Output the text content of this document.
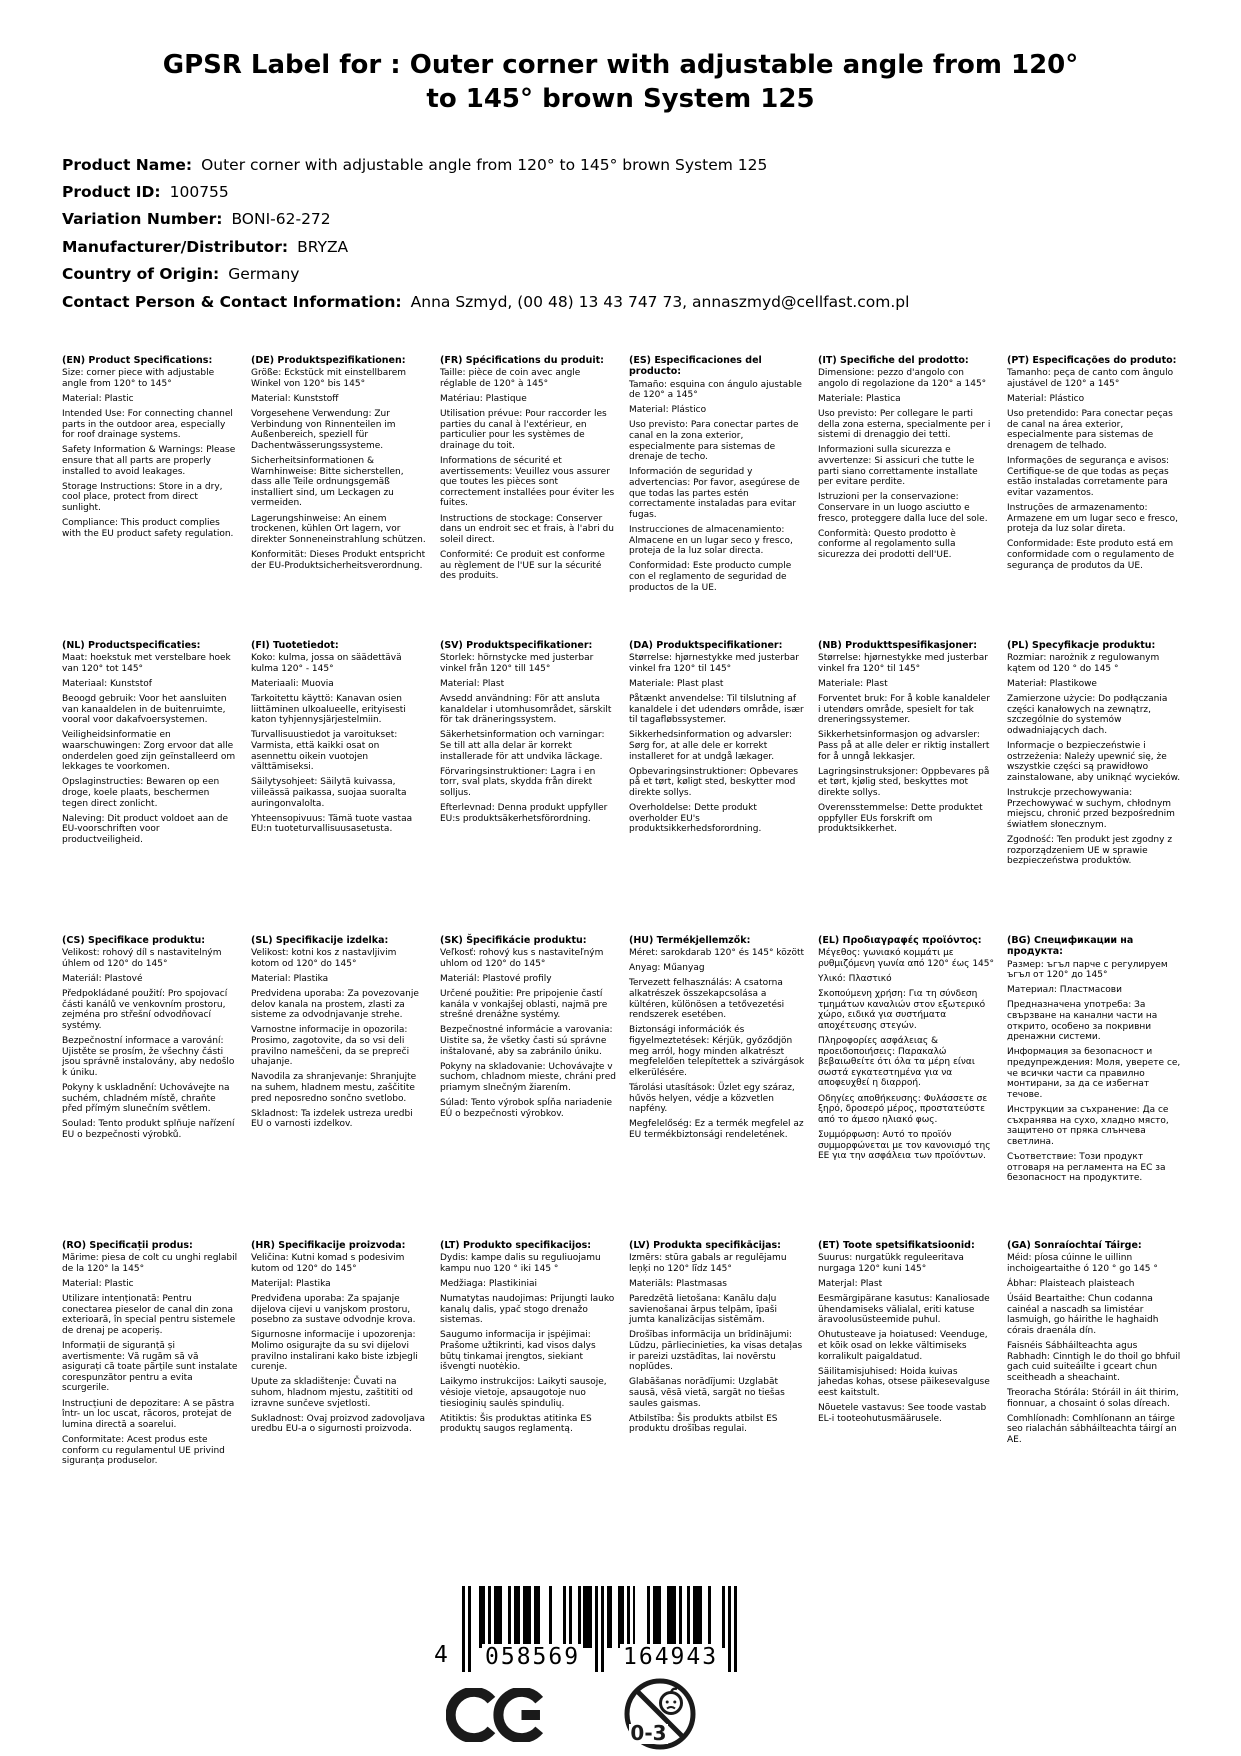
GPSR Label for : Outer corner with adjustable angle from 120° to 145° brown System 125
Product Name: Outer corner with adjustable angle from 120° to 145° brown System 125
Product ID: 100755
Variation Number: BONI-62-272
Manufacturer/Distributor: BRYZA
Country of Origin: Germany
Contact Person & Contact Information: Anna Szmyd, (00 48) 13 43 747 73, annaszmyd@cellfast.com.pl
(EN) Product Specifications:

Size: corner piece with adjustable angle from 120° to 145°

Material: Plastic

Intended Use: For connecting channel parts in the outdoor area, especially for roof drainage systems.

Safety Information & Warnings: Please ensure that all parts are properly installed to avoid leakages.

Storage Instructions: Store in a dry, cool place, protect from direct sunlight.

Compliance: This product complies with the EU product safety regulation.

(DE) Produktspezifikationen:

Größe: Eckstück mit einstellbarem Winkel von 120° bis 145°

Material: Kunststoff

Vorgesehene Verwendung: Zur Verbindung von Rinnenteilen im Außenbereich, speziell für Dachentwässerungssysteme.

Sicherheitsinformationen & Warnhinweise: Bitte sicherstellen, dass alle Teile ordnungsgemäß installiert sind, um Leckagen zu vermeiden.

Lagerungshinweise: An einem trockenen, kühlen Ort lagern, vor direkter Sonneneinstrahlung schützen.

Konformität: Dieses Produkt entspricht der EU-Produktsicherheitsverordnung.

(FR) Spécifications du produit:

Taille: pièce de coin avec angle réglable de 120° à 145°

Matériau: Plastique

Utilisation prévue: Pour raccorder les parties du canal à l'extérieur, en particulier pour les systèmes de drainage du toit.

Informations de sécurité et avertissements: Veuillez vous assurer que toutes les pièces sont correctement installées pour éviter les fuites.

Instructions de stockage: Conserver dans un endroit sec et frais, à l'abri du soleil direct.

Conformité: Ce produit est conforme au règlement de l'UE sur la sécurité des produits.

(ES) Especificaciones del producto:

Tamaño: esquina con ángulo ajustable de 120° a 145°

Material: Plástico

Uso previsto: Para conectar partes de canal en la zona exterior, especialmente para sistemas de drenaje de techo.

Información de seguridad y advertencias: Por favor, asegúrese de que todas las partes estén correctamente instaladas para evitar fugas.

Instrucciones de almacenamiento: Almacene en un lugar seco y fresco, proteja de la luz solar directa.

Conformidad: Este producto cumple con el reglamento de seguridad de productos de la UE.

(IT) Specifiche del prodotto:

Dimensione: pezzo d'angolo con angolo di regolazione da 120° a 145°

Materiale: Plastica

Uso previsto: Per collegare le parti della zona esterna, specialmente per i sistemi di drenaggio dei tetti.

Informazioni sulla sicurezza e avvertenze: Si assicuri che tutte le parti siano correttamente installate per evitare perdite.

Istruzioni per la conservazione: Conservare in un luogo asciutto e fresco, proteggere dalla luce del sole.

Conformità: Questo prodotto è conforme al regolamento sulla sicurezza dei prodotti dell'UE.

(PT) Especificações do produto:

Tamanho: peça de canto com ângulo ajustável de 120° a 145°

Material: Plástico

Uso pretendido: Para conectar peças de canal na área exterior, especialmente para sistemas de drenagem de telhado.

Informações de segurança e avisos: Certifique-se de que todas as peças estão instaladas corretamente para evitar vazamentos.

Instruções de armazenamento: Armazene em um lugar seco e fresco, proteja da luz solar direta.

Conformidade: Este produto está em conformidade com o regulamento de segurança de produtos da UE.

(NL) Productspecificaties:

Maat: hoekstuk met verstelbare hoek van 120° tot 145°

Materiaal: Kunststof

Beoogd gebruik: Voor het aansluiten van kanaaldelen in de buitenruimte, vooral voor dakafvoersystemen.

Veiligheidsinformatie en waarschuwingen: Zorg ervoor dat alle onderdelen goed zijn geïnstalleerd om lekkages te voorkomen.

Opslaginstructies: Bewaren op een droge, koele plaats, beschermen tegen direct zonlicht.

Naleving: Dit product voldoet aan de EU-voorschriften voor productveiligheid.

(FI) Tuotetiedot:

Koko: kulma, jossa on säädettävä kulma 120° - 145°

Materiaali: Muovia

Tarkoitettu käyttö: Kanavan osien liittäminen ulkoalueelle, erityisesti katon tyhjennysjärjestelmiin.

Turvallisuustiedot ja varoitukset: Varmista, että kaikki osat on asennettu oikein vuotojen välttämiseksi.

Säilytysohjeet: Säilytä kuivassa, viileässä paikassa, suojaa suoralta auringonvalolta.

Yhteensopivuus: Tämä tuote vastaa EU:n tuoteturvallisuusasetusta.

(SV) Produktspecifikationer:

Storlek: hörnstycke med justerbar vinkel från 120° till 145°

Material: Plast

Avsedd användning: För att ansluta kanaldelar i utomhusområdet, särskilt för tak dräneringssystem.

Säkerhetsinformation och varningar: Se till att alla delar är korrekt installerade för att undvika läckage.

Förvaringsinstruktioner: Lagra i en torr, sval plats, skydda från direkt solljus.

Efterlevnad: Denna produkt uppfyller EU:s produktsäkerhetsförordning.

(DA) Produktspecifikationer:

Størrelse: hjørnestykke med justerbar vinkel fra 120° til 145°

Materiale: Plast plast

Påtænkt anvendelse: Til tilslutning af kanaldele i det udendørs område, især til tagafløbssystemer.

Sikkerhedsinformation og advarsler: Sørg for, at alle dele er korrekt installeret for at undgå lækager.

Opbevaringsinstruktioner: Opbevares på et tørt, køligt sted, beskytter mod direkte sollys.

Overholdelse: Dette produkt overholder EU's produktsikkerhedsforordning.

(NB) Produkttspesifikasjoner:

Størrelse: hjørnestykke med justerbar vinkel fra 120° til 145°

Materiale: Plast

Forventet bruk: For å koble kanaldeler i utendørs område, spesielt for tak dreneringssystemer.

Sikkerhetsinformasjon og advarsler: Pass på at alle deler er riktig installert for å unngå lekkasjer.

Lagringsinstruksjoner: Oppbevares på et tørt, kjølig sted, beskyttes mot direkte sollys.

Overensstemmelse: Dette produktet oppfyller EUs forskrift om produktsikkerhet.

(PL) Specyfikacje produktu:

Rozmiar: narożnik z regulowanym kątem od 120 ° do 145 °

Materiał: Plastikowe

Zamierzone użycie: Do podłączania części kanałowych na zewnątrz, szczególnie do systemów odwadniających dach.

Informacje o bezpieczeństwie i ostrzeżenia: Należy upewnić się, że wszystkie części są prawidłowo zainstalowane, aby uniknąć wycieków.

Instrukcje przechowywania: Przechowywać w suchym, chłodnym miejscu, chronić przed bezpośrednim światłem słonecznym.

Zgodność: Ten produkt jest zgodny z rozporządzeniem UE w sprawie bezpieczeństwa produktów.

(CS) Specifikace produktu:

Velikost: rohový díl s nastavitelným úhlem od 120° do 145°

Materiál: Plastové

Předpokládané použití: Pro spojovací části kanálů ve venkovním prostoru, zejména pro střešní odvodňovací systémy.

Bezpečnostní informace a varování: Ujistěte se prosím, že všechny části jsou správně instalovány, aby nedošlo k úniku.

Pokyny k uskladnění: Uchovávejte na suchém, chladném místě, chraňte před přímým slunečním světlem.

Soulad: Tento produkt splňuje nařízení EU o bezpečnosti výrobků.

(SL) Specifikacije izdelka:

Velikost: kotni kos z nastavljivim kotom od 120° do 145°

Material: Plastika

Predvidena uporaba: Za povezovanje delov kanala na prostem, zlasti za sisteme za odvodnjavanje strehe.

Varnostne informacije in opozorila: Prosimo, zagotovite, da so vsi deli pravilno nameščeni, da se prepreči uhajanje.

Navodila za shranjevanje: Shranjujte na suhem, hladnem mestu, zaščitite pred neposredno sončno svetlobo.

Skladnost: Ta izdelek ustreza uredbi EU o varnosti izdelkov.

(SK) Špecifikácie produktu:

Veľkosť: rohový kus s nastaviteľným uhlom od 120° do 145°

Materiál: Plastové profily

Určené použitie: Pre pripojenie častí kanála v vonkajšej oblasti, najmä pre strešné drenážne systémy.

Bezpečnostné informácie a varovania: Uistite sa, že všetky časti sú správne inštalované, aby sa zabránilo úniku.

Pokyny na skladovanie: Uchovávajte v suchom, chladnom mieste, chráni pred priamym slnečným žiarením.

Súlad: Tento výrobok spĺňa nariadenie EÚ o bezpečnosti výrobkov.

(HU) Termékjellemzők:

Méret: sarokdarab 120° és 145° között

Anyag: Műanyag

Tervezett felhasználás: A csatorna alkatrészek összekapcsolása a kültéren, különösen a tetővezetési rendszerek esetében.

Biztonsági információk és figyelmeztetések: Kérjük, győződjön meg arról, hogy minden alkatrészt megfelelően telepítettek a szivárgások elkerülésére.

Tárolási utasítások: Üzlet egy száraz, hűvös helyen, védje a közvetlen napfény.

Megfelelőség: Ez a termék megfelel az EU termékbiztonsági rendeletének.

(EL) Προδιαγραφές προϊόντος:

Μέγεθος: γωνιακό κομμάτι με ρυθμιζόμενη γωνία από 120° έως 145°

Υλικό: Πλαστικό

Σκοπούμενη χρήση: Για τη σύνδεση τμημάτων καναλιών στον εξωτερικό χώρο, ειδικά για συστήματα αποχέτευσης στεγών.

Πληροφορίες ασφάλειας & προειδοποιήσεις: Παρακαλώ βεβαιωθείτε ότι όλα τα μέρη είναι σωστά εγκατεστημένα για να αποφευχθεί η διαρροή.

Οδηγίες αποθήκευσης: Φυλάσσετε σε ξηρό, δροσερό μέρος, προστατεύστε από το άμεσο ηλιακό φως.

Συμμόρφωση: Αυτό το προϊόν συμμορφώνεται με τον κανονισμό της ΕΕ για την ασφάλεια των προϊόντων.

(BG) Спецификации на продукта:

Размер: ъгъл парче с регулируем ъгъл от 120° до 145°

Материал: Пластмасови

Предназначена употреба: За свързване на канални части на открито, особено за покривни дренажни системи.

Информация за безопасност и предупреждения: Моля, уверете се, че всички части са правилно монтирани, за да се избегнат течове.

Инструкции за съхранение: Да се съхранява на сухо, хладно място, защитено от пряка слънчева светлина.

Съответствие: Този продукт отговаря на регламента на ЕС за безопасност на продуктите.

(RO) Specificații produs:

Mărime: piesa de colt cu unghi reglabil de la 120° la 145°

Material: Plastic

Utilizare intenționată: Pentru conectarea pieselor de canal din zona exterioară, în special pentru sistemele de drenaj pe acoperiș.

Informații de siguranță și avertismente: Vă rugăm să vă asigurați că toate părțile sunt instalate corespunzător pentru a evita scurgerile.

Instrucțiuni de depozitare: A se păstra într- un loc uscat, răcoros, protejat de lumina directă a soarelui.

Conformitate: Acest produs este conform cu regulamentul UE privind siguranța produselor.

(HR) Specifikacije proizvoda:

Veličina: Kutni komad s podesivim kutom od 120° do 145°

Materijal: Plastika

Predviđena uporaba: Za spajanje dijelova cijevi u vanjskom prostoru, posebno za sustave odvodnje krova.

Sigurnosne informacije i upozorenja: Molimo osigurajte da su svi dijelovi pravilno instalirani kako biste izbjegli curenje.

Upute za skladištenje: Čuvati na suhom, hladnom mjestu, zaštititi od izravne sunčeve svjetlosti.

Sukladnost: Ovaj proizvod zadovoljava uredbu EU-a o sigurnosti proizvoda.

(LT) Produkto specifikacijos:

Dydis: kampe dalis su reguliuojamu kampu nuo 120 ° iki 145 °

Medžiaga: Plastikiniai

Numatytas naudojimas: Prijungti lauko kanalų dalis, ypač stogo drenažo sistemas.

Saugumo informacija ir įspėjimai: Prašome užtikrinti, kad visos dalys būtų tinkamai įrengtos, siekiant išvengti nuotėkio.

Laikymo instrukcijos: Laikyti sausoje, vėsioje vietoje, apsaugotoje nuo tiesioginių saulės spindulių.

Atitiktis: Šis produktas atitinka ES produktų saugos reglamentą.

(LV) Produkta specifikācijas:

Izmērs: stūra gabals ar regulējamu leņķi no 120° līdz 145°

Materiāls: Plastmasas

Paredzētā lietošana: Kanālu daļu savienošanai ārpus telpām, īpaši jumta kanalizācijas sistēmām.

Drošības informācija un brīdinājumi: Lūdzu, pārliecinieties, ka visas detaļas ir pareizi uzstādītas, lai novērstu noplūdes.

Glabāšanas norādījumi: Uzglabāt sausā, vēsā vietā, sargāt no tiešas saules gaismas.

Atbilstība: Šis produkts atbilst ES produktu drošības regulai.

(ET) Toote spetsifikatsioonid:

Suurus: nurgatükk reguleeritava nurgaga 120° kuni 145°

Materjal: Plast

Eesmärgipärane kasutus: Kanaliosade ühendamiseks välialal, eriti katuse äravoolusüsteemide puhul.

Ohutusteave ja hoiatused: Veenduge, et kõik osad on lekke vältimiseks korralikult paigaldatud.

Säilitamisjuhised: Hoida kuivas jahedas kohas, otsese päikesevalguse eest kaitstult.

Nõuetele vastavus: See toode vastab EL-i tooteohutusmäärusele.

(GA) Sonraíochtaí Táirge:

Méid: píosa cúinne le uillinn inchoigeartaithe ó 120 ° go 145 °

Ábhar: Plaisteach plaisteach

Úsáid Beartaithe: Chun codanna cainéal a nascadh sa limistéar lasmuigh, go háirithe le haghaidh córais draenála dín.

Faisnéis Sábháilteachta agus Rabhadh: Cinntigh le do thoil go bhfuil gach cuid suiteáilte i gceart chun sceitheadh a sheachaint.

Treoracha Stórála: Stóráil in áit thirim, fionnuar, a chosaint ó solas díreach.

Comhlíonadh: Comhlíonann an táirge seo rialachán sábháilteachta táirgí an AE.

4 058569 164943
0-3
